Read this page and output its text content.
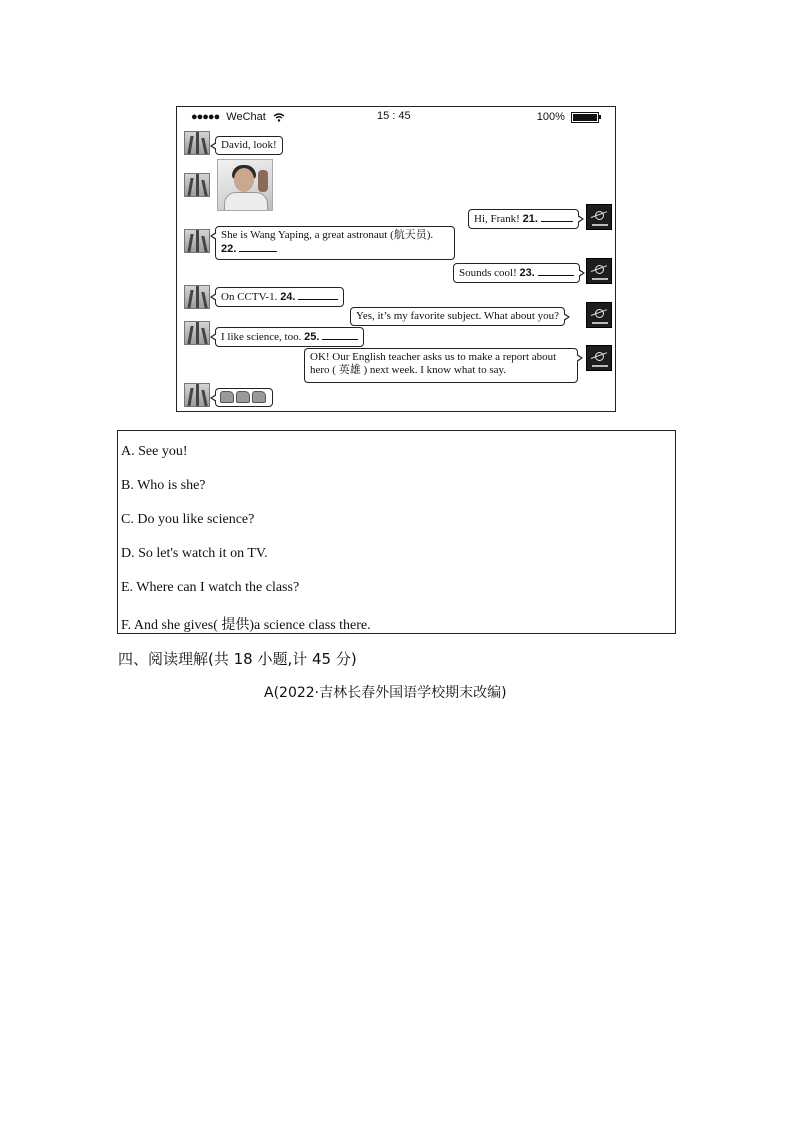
●●●●● WeChat	15 : 45	100%
David, look!
Hi, Frank! 21.
She is Wang Yaping, a great astronaut (航天员).
22.
Sounds cool! 23.
On CCTV-1. 24.
Yes, it’s my favorite subject. What about you?
I like science, too. 25.
OK! Our English teacher asks us to make a report about
hero ( 英雄 ) next week. I know what to say.
A. See you!
B. Who is she?
C. Do you like science?
D. So let's watch it on TV.
E. Where can I watch the class?
F. And she gives( 提供)a science class there.
四、阅读理解(共 18 小题,计 45 分)
A(2022·吉林长春外国语学校期末改编)
